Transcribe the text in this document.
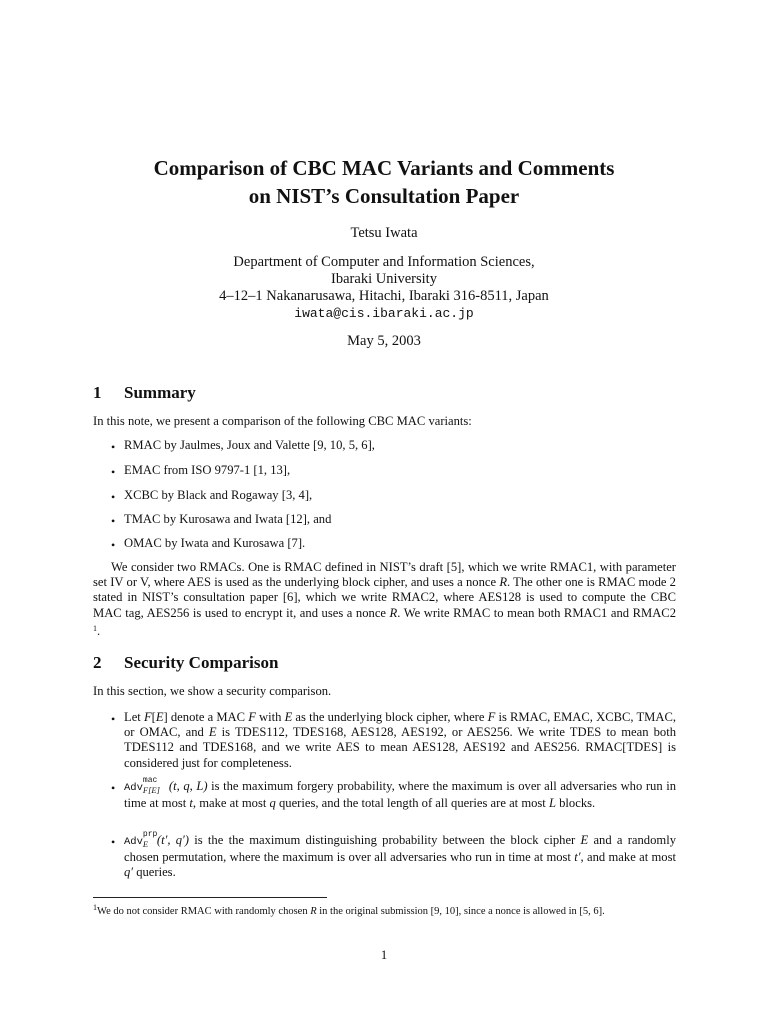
Comparison of CBC MAC Variants and Comments
on NIST’s Consultation Paper
Tetsu Iwata
Department of Computer and Information Sciences,
Ibaraki University
4–12–1 Nakanarusawa, Hitachi, Ibaraki 316-8511, Japan
iwata@cis.ibaraki.ac.jp
May 5, 2003
1 Summary
In this note, we present a comparison of the following CBC MAC variants:
• RMAC by Jaulmes, Joux and Valette [9, 10, 5, 6],
• EMAC from ISO 9797-1 [1, 13],
• XCBC by Black and Rogaway [3, 4],
• TMAC by Kurosawa and Iwata [12], and
• OMAC by Iwata and Kurosawa [7].
We consider two RMACs. One is RMAC defined in NIST’s draft [5], which we write RMAC1, with parameter set IV or V, where AES is used as the underlying block cipher, and uses a nonce R. The other one is RMAC mode 2 stated in NIST’s consultation paper [6], which we write RMAC2, where AES128 is used to compute the CBC MAC tag, AES256 is used to encrypt it, and uses a nonce R. We write RMAC to mean both RMAC1 and RMAC2 $^1$.
2 Security Comparison
In this section, we show a security comparison.
• Let F[E] denote a MAC F with E as the underlying block cipher, where F is RMAC, EMAC, XCBC, TMAC, or OMAC, and E is TDES112, TDES168, AES128, AES192, or AES256. We write TDES to mean both TDES112 and TDES168, and we write AES to mean AES128, AES192 and AES256. RMAC[TDES] is considered just for completeness.
• Adv
mac
F[E] (t, q, L) is the maximum forgery probability, where the maximum is over all adversaries who run in time at most t, make at most q queries, and the total length of all queries are at most L blocks.
• Adv
prp
E (t′, q′) is the the maximum distinguishing probability between the block cipher E and a randomly chosen permutation, where the maximum is over all adversaries who run in time at most t′, and make at most q′ queries.
$^1$We do not consider RMAC with randomly chosen R in the original submission [9, 10], since a nonce is allowed in [5, 6].
1
